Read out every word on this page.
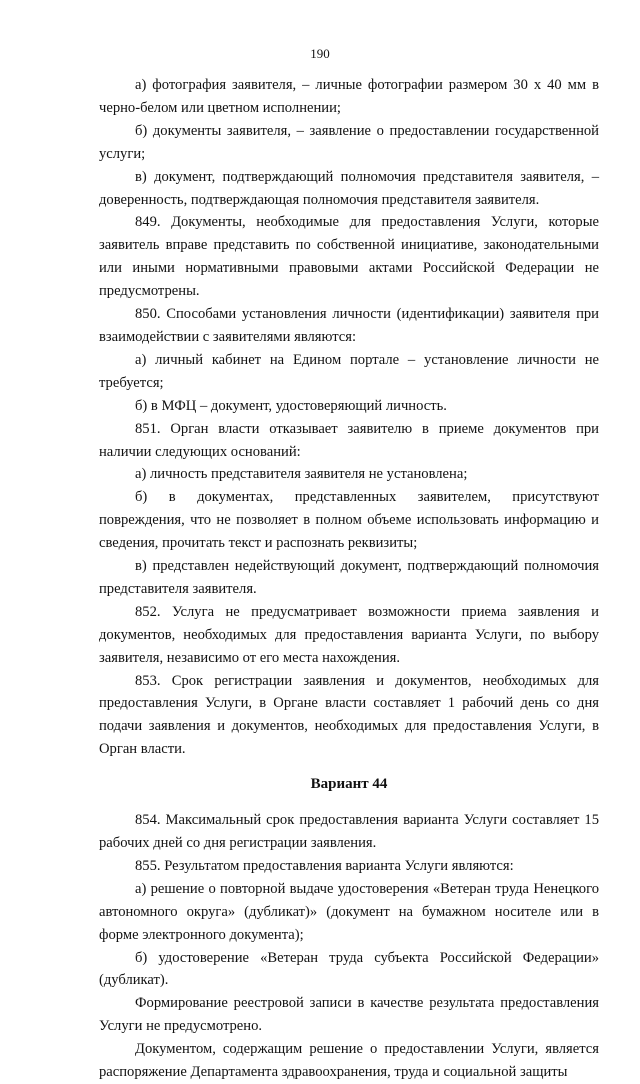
190

а) фотография заявителя, – личные фотографии размером 30 х 40 мм в черно-белом или цветном исполнении;

б) документы заявителя, – заявление о предоставлении государственной услуги;

в) документ, подтверждающий полномочия представителя заявителя, – доверенность, подтверждающая полномочия представителя заявителя.

849. Документы, необходимые для предоставления Услуги, которые заявитель вправе представить по собственной инициативе, законодательными или иными нормативными правовыми актами Российской Федерации не предусмотрены.

850. Способами установления личности (идентификации) заявителя при взаимодействии с заявителями являются:

а) личный кабинет на Едином портале – установление личности не требуется;

б) в МФЦ – документ, удостоверяющий личность.

851. Орган власти отказывает заявителю в приеме документов при наличии следующих оснований:

а) личность представителя заявителя не установлена;

б) в документах, представленных заявителем, присутствуют повреждения, что не позволяет в полном объеме использовать информацию и сведения, прочитать текст и распознать реквизиты;

в) представлен недействующий документ, подтверждающий полномочия представителя заявителя.

852. Услуга не предусматривает возможности приема заявления и документов, необходимых для предоставления варианта Услуги, по выбору заявителя, независимо от его места нахождения.

853. Срок регистрации заявления и документов, необходимых для предоставления Услуги, в Органе власти составляет 1 рабочий день со дня подачи заявления и документов, необходимых для предоставления Услуги, в Орган власти.

Вариант 44

854. Максимальный срок предоставления варианта Услуги составляет 15 рабочих дней со дня регистрации заявления.

855. Результатом предоставления варианта Услуги являются:

а) решение о повторной выдаче удостоверения «Ветеран труда Ненецкого автономного округа» (дубликат)» (документ на бумажном носителе или в форме электронного документа);

б) удостоверение «Ветеран труда субъекта Российской Федерации» (дубликат).

Формирование реестровой записи в качестве результата предоставления Услуги не предусмотрено.

Документом, содержащим решение о предоставлении Услуги, является распоряжение Департамента здравоохранения, труда и социальной защиты
